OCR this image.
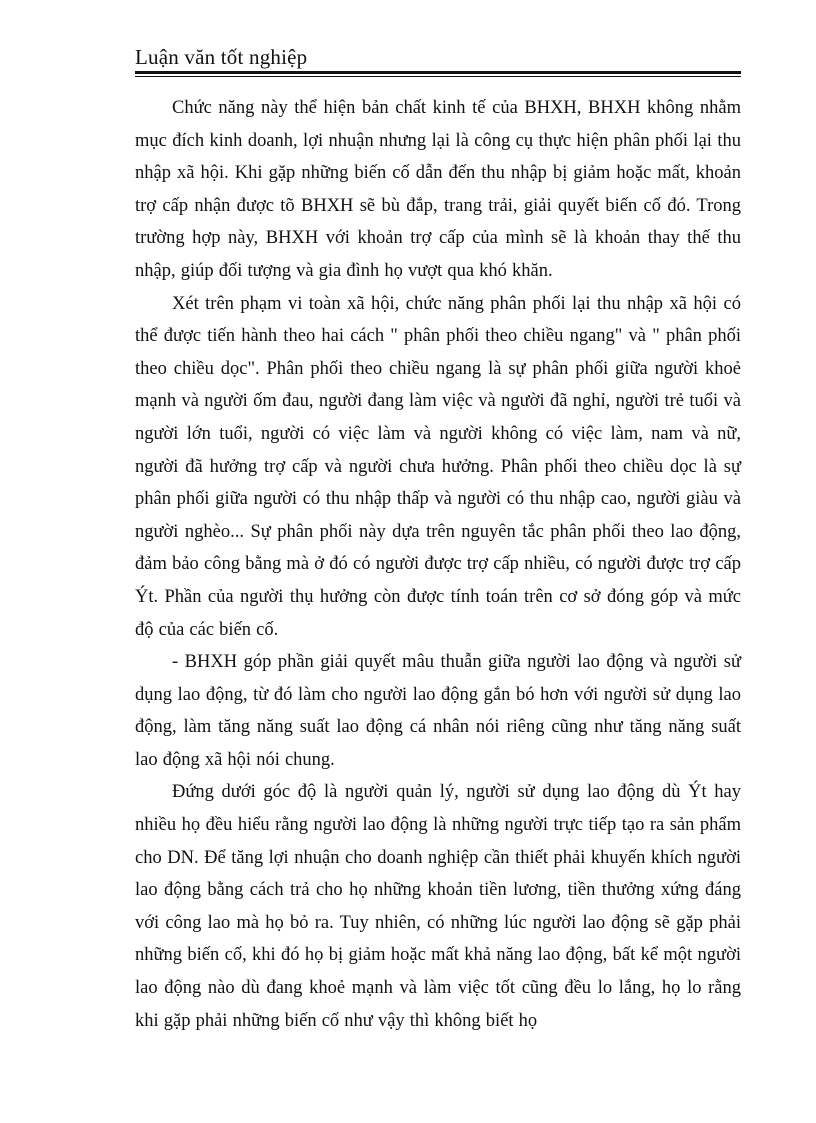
Luận văn tốt nghiệp

Chức năng này thể hiện bản chất kinh tế của BHXH, BHXH không nhằm mục đích kinh doanh, lợi nhuận nhưng lại là công cụ thực hiện phân phối lại thu nhập xã hội. Khi gặp những biến cố dẫn đến thu nhập bị giảm hoặc mất, khoản trợ cấp nhận được tõ BHXH sẽ bù đắp, trang trải, giải quyết biến cố đó. Trong trường hợp này, BHXH với khoản trợ cấp của mình sẽ là khoản thay thế thu nhập, giúp đối tượng và gia đình họ vượt qua khó khăn.

Xét trên phạm vi toàn xã hội, chức năng phân phối lại thu nhập xã hội có thể được tiến hành theo hai cách " phân phối theo chiều ngang" và " phân phối theo chiều dọc". Phân phối theo chiều ngang là sự phân phối giữa người khoẻ mạnh và người ốm đau, người đang làm việc và người đã nghỉ, người trẻ tuổi và người lớn tuổi, người có việc làm và người không có việc làm, nam và nữ, người đã hưởng trợ cấp và người chưa hưởng. Phân phối theo chiều dọc là sự phân phối giữa người có thu nhập thấp và người có thu nhập cao, người giàu và người nghèo... Sự phân phối này dựa trên nguyên tắc phân phối theo lao động, đảm bảo công bằng mà ở đó có người được trợ cấp nhiều, có người được trợ cấp Ýt. Phần của người thụ hưởng còn được tính toán trên cơ sở đóng góp và mức độ của các biến cố.

- BHXH góp phần giải quyết mâu thuẫn giữa người lao động và người sử dụng lao động, từ đó làm cho người lao động gắn bó hơn với người sử dụng lao động, làm tăng năng suất lao động cá nhân nói riêng cũng như tăng năng suất lao động xã hội nói chung.

Đứng dưới góc độ là người quản lý, người sử dụng lao động dù Ýt hay nhiều họ đều hiểu rằng người lao động là những người trực tiếp tạo ra sản phẩm cho DN. Để tăng lợi nhuận cho doanh nghiệp cần thiết phải khuyến khích người lao động bằng cách trả cho họ những khoản tiền lương, tiền thưởng xứng đáng với công lao mà họ bỏ ra. Tuy nhiên, có những lúc người lao động sẽ gặp phải những biến cố, khi đó họ bị giảm hoặc mất khả năng lao động, bất kể một người lao động nào dù đang khoẻ mạnh và làm việc tốt cũng đều lo lắng, họ lo rằng khi gặp phải những biến cố như vậy thì không biết họ
